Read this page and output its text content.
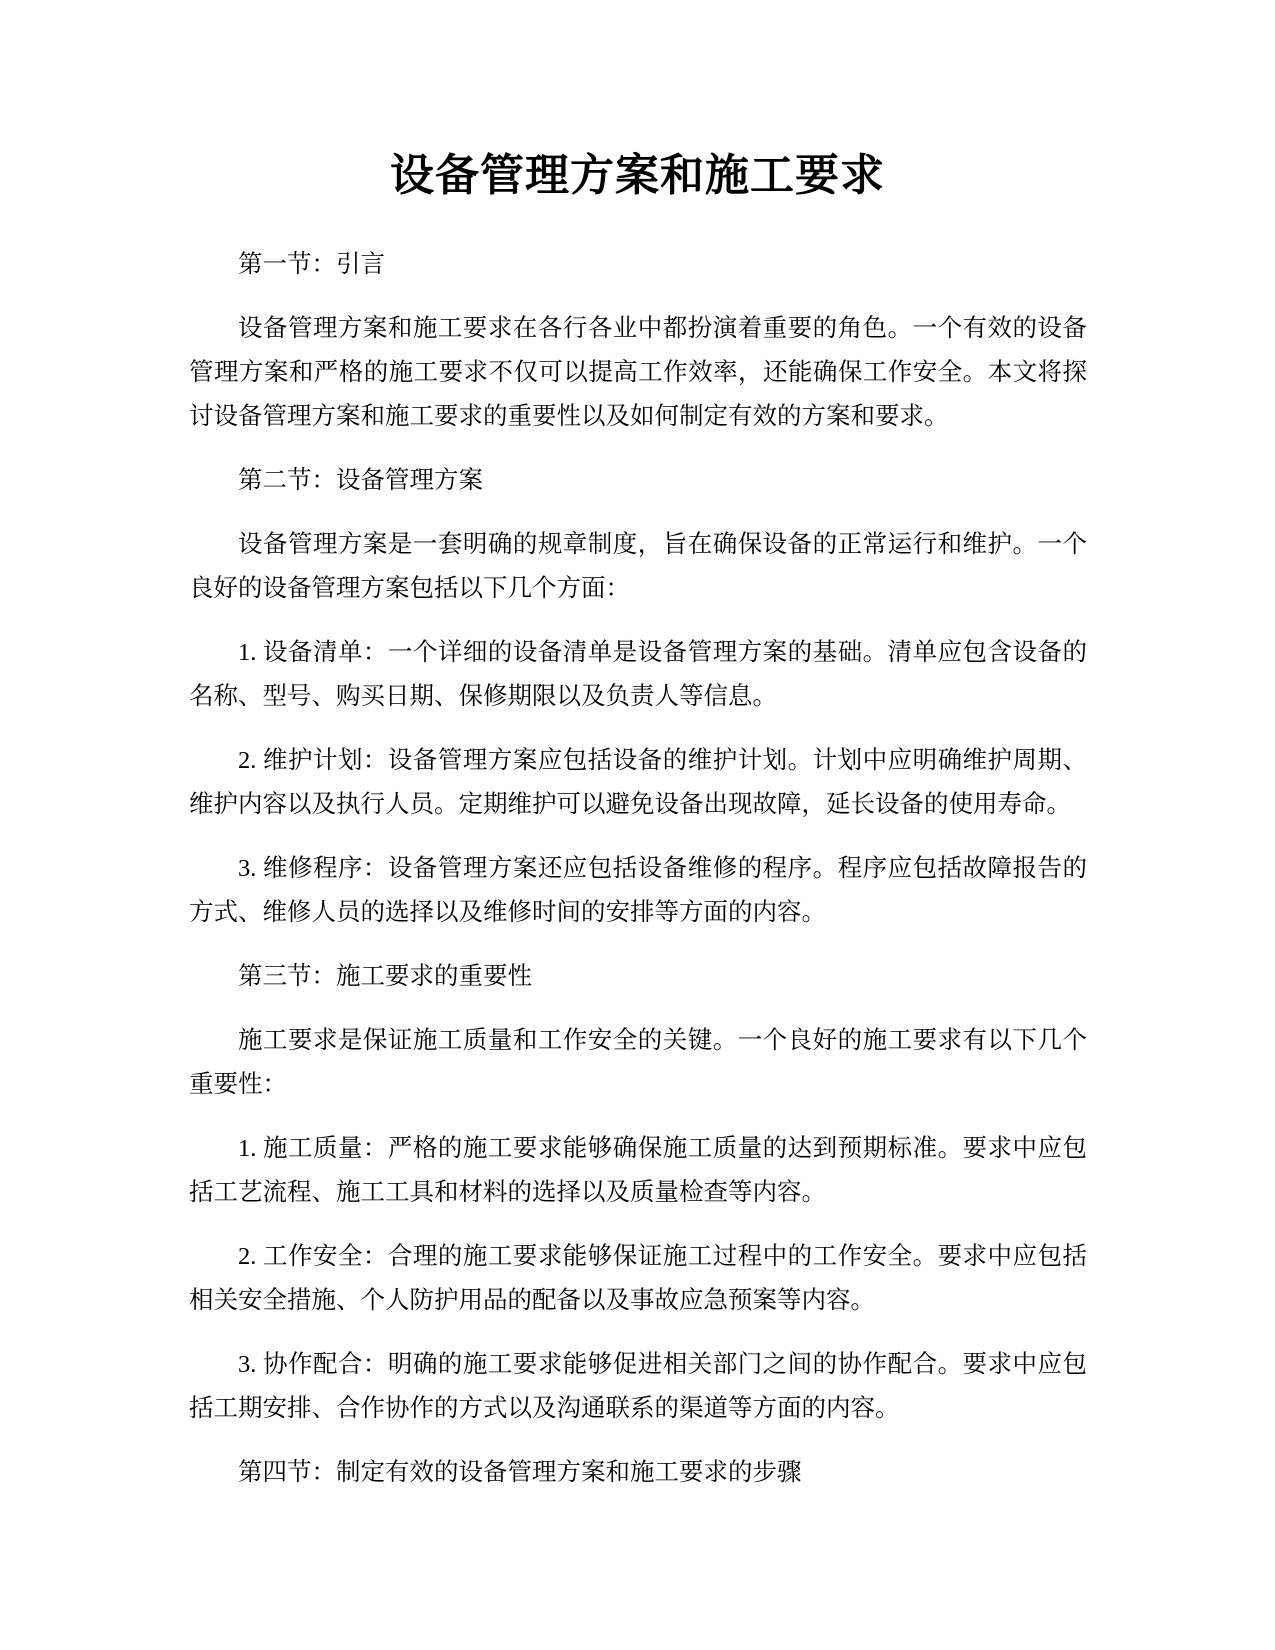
设备管理方案和施工要求

第一节：引言

设备管理方案和施工要求在各行各业中都扮演着重要的角色。一个有效的设备管理方案和严格的施工要求不仅可以提高工作效率，还能确保工作安全。本文将探讨设备管理方案和施工要求的重要性以及如何制定有效的方案和要求。

第二节：设备管理方案

设备管理方案是一套明确的规章制度，旨在确保设备的正常运行和维护。一个良好的设备管理方案包括以下几个方面：

1. 设备清单：一个详细的设备清单是设备管理方案的基础。清单应包含设备的名称、型号、购买日期、保修期限以及负责人等信息。

2. 维护计划：设备管理方案应包括设备的维护计划。计划中应明确维护周期、维护内容以及执行人员。定期维护可以避免设备出现故障，延长设备的使用寿命。

3. 维修程序：设备管理方案还应包括设备维修的程序。程序应包括故障报告的方式、维修人员的选择以及维修时间的安排等方面的内容。

第三节：施工要求的重要性

施工要求是保证施工质量和工作安全的关键。一个良好的施工要求有以下几个重要性：

1. 施工质量：严格的施工要求能够确保施工质量的达到预期标准。要求中应包括工艺流程、施工工具和材料的选择以及质量检查等内容。

2. 工作安全：合理的施工要求能够保证施工过程中的工作安全。要求中应包括相关安全措施、个人防护用品的配备以及事故应急预案等内容。

3. 协作配合：明确的施工要求能够促进相关部门之间的协作配合。要求中应包括工期安排、合作协作的方式以及沟通联系的渠道等方面的内容。

第四节：制定有效的设备管理方案和施工要求的步骤
